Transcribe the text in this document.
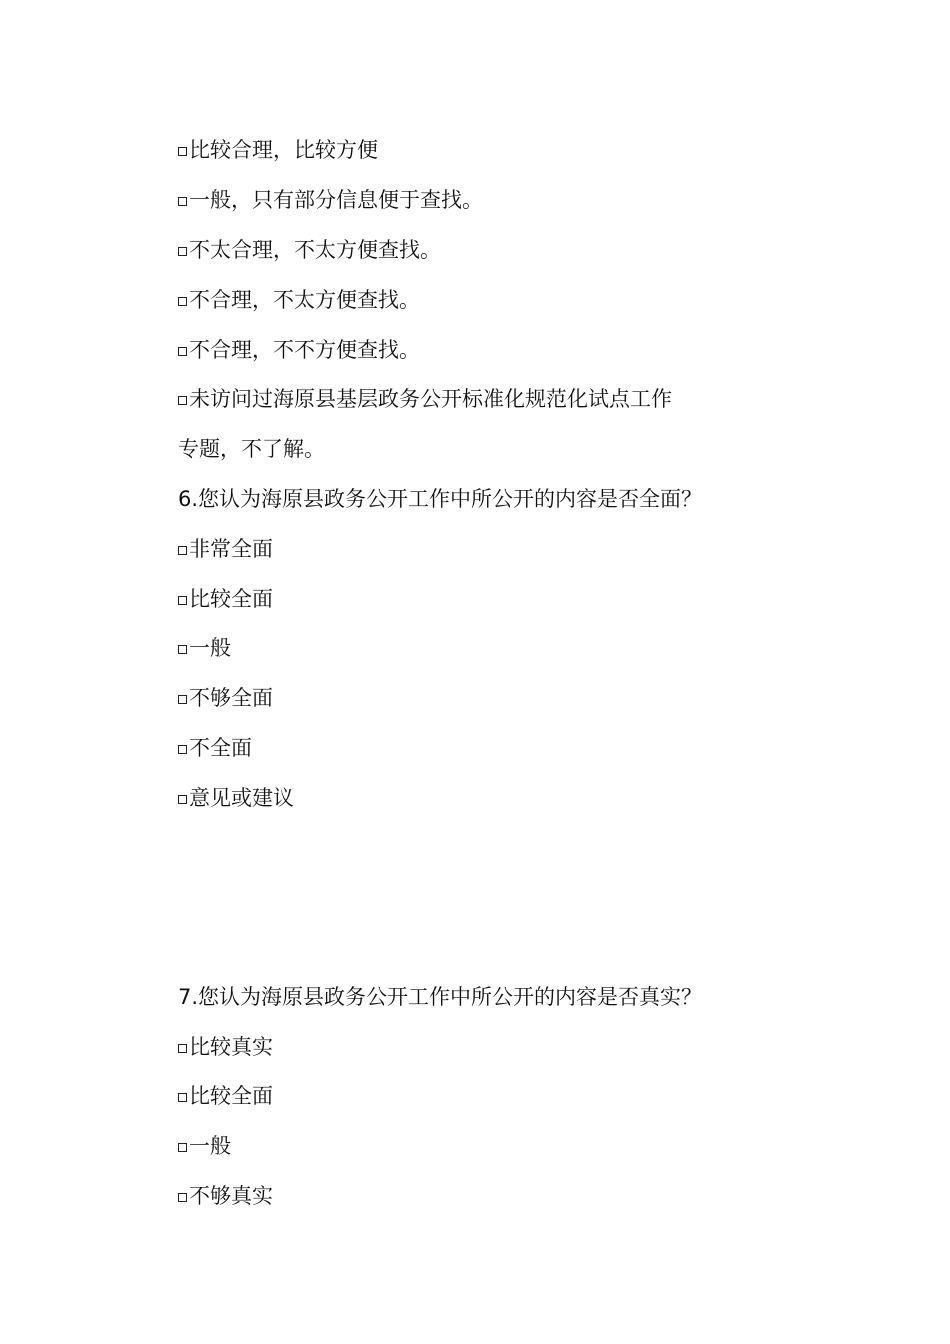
比较合理，比较方便
一般，只有部分信息便于查找。
不太合理，不太方便查找。
不合理，不太方便查找。
不合理，不不方便查找。
未访问过海原县基层政务公开标准化规范化试点工作

专题，不了解。

6.您认为海原县政务公开工作中所公开的内容是否全面？

非常全面
比较全面
一般
不够全面
不全面
意见或建议

7.您认为海原县政务公开工作中所公开的内容是否真实？

比较真实
比较全面
一般
不够真实
